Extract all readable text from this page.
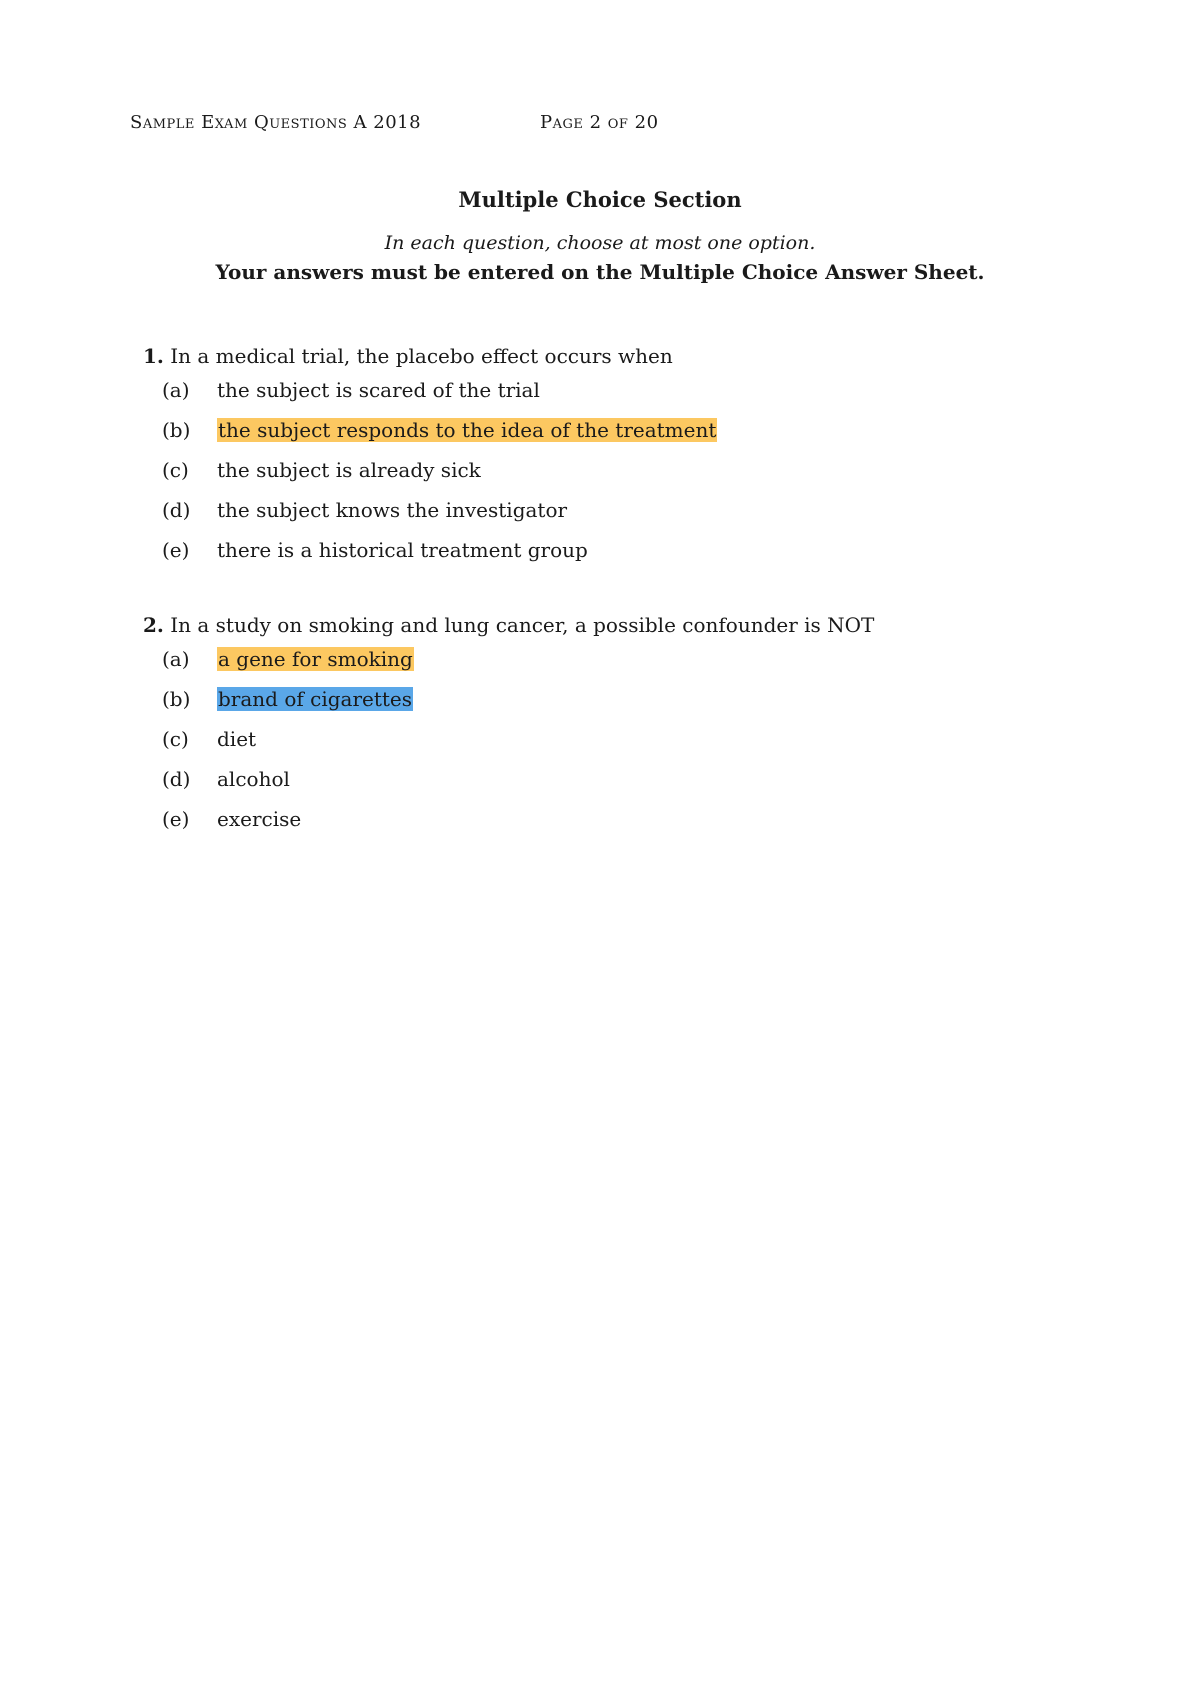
Sample Exam Questions A 2018	Page 2 of 20
Multiple Choice Section
In each question, choose at most one option.
Your answers must be entered on the Multiple Choice Answer Sheet.
1. In a medical trial, the placebo effect occurs when
(a)	the subject is scared of the trial
(b)	the subject responds to the idea of the treatment
(c)	the subject is already sick
(d)	the subject knows the investigator
(e)	there is a historical treatment group
2. In a study on smoking and lung cancer, a possible confounder is NOT
(a)	a gene for smoking
(b)	brand of cigarettes
(c)	diet
(d)	alcohol
(e)	exercise
